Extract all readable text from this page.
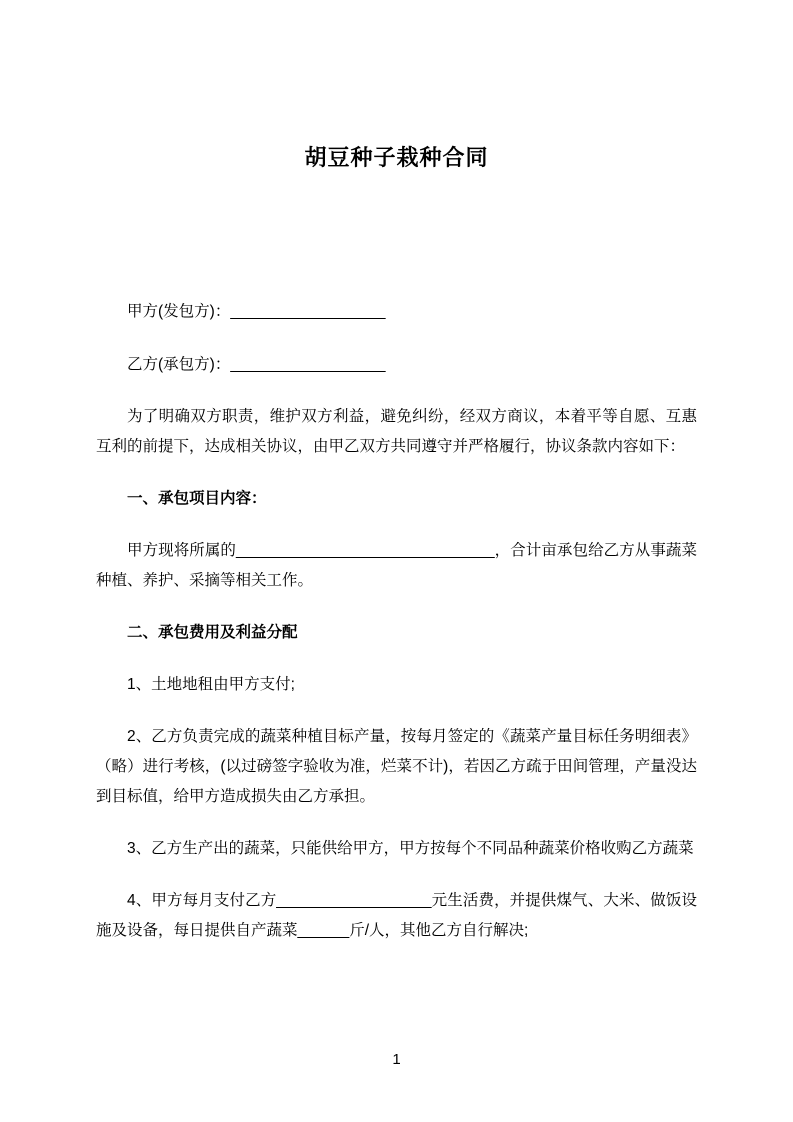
胡豆种子栽种合同

甲方(发包方)：__________________

乙方(承包方)：__________________

为了明确双方职责，维护双方利益，避免纠纷，经双方商议，本着平等自愿、互惠互利的前提下，达成相关协议，由甲乙双方共同遵守并严格履行，协议条款内容如下：

一、承包项目内容：

甲方现将所属的______________________________，合计亩承包给乙方从事蔬菜种植、养护、采摘等相关工作。

二、承包费用及利益分配

1、土地地租由甲方支付;

2、乙方负责完成的蔬菜种植目标产量，按每月签定的《蔬菜产量目标任务明细表》（略）进行考核，(以过磅签字验收为准，烂菜不计)，若因乙方疏于田间管理，产量没达到目标值，给甲方造成损失由乙方承担。

3、乙方生产出的蔬菜，只能供给甲方，甲方按每个不同品种蔬菜价格收购乙方蔬菜

4、甲方每月支付乙方__________________元生活费，并提供煤气、大米、做饭设施及设备，每日提供自产蔬菜______斤/人，其他乙方自行解决;

1
